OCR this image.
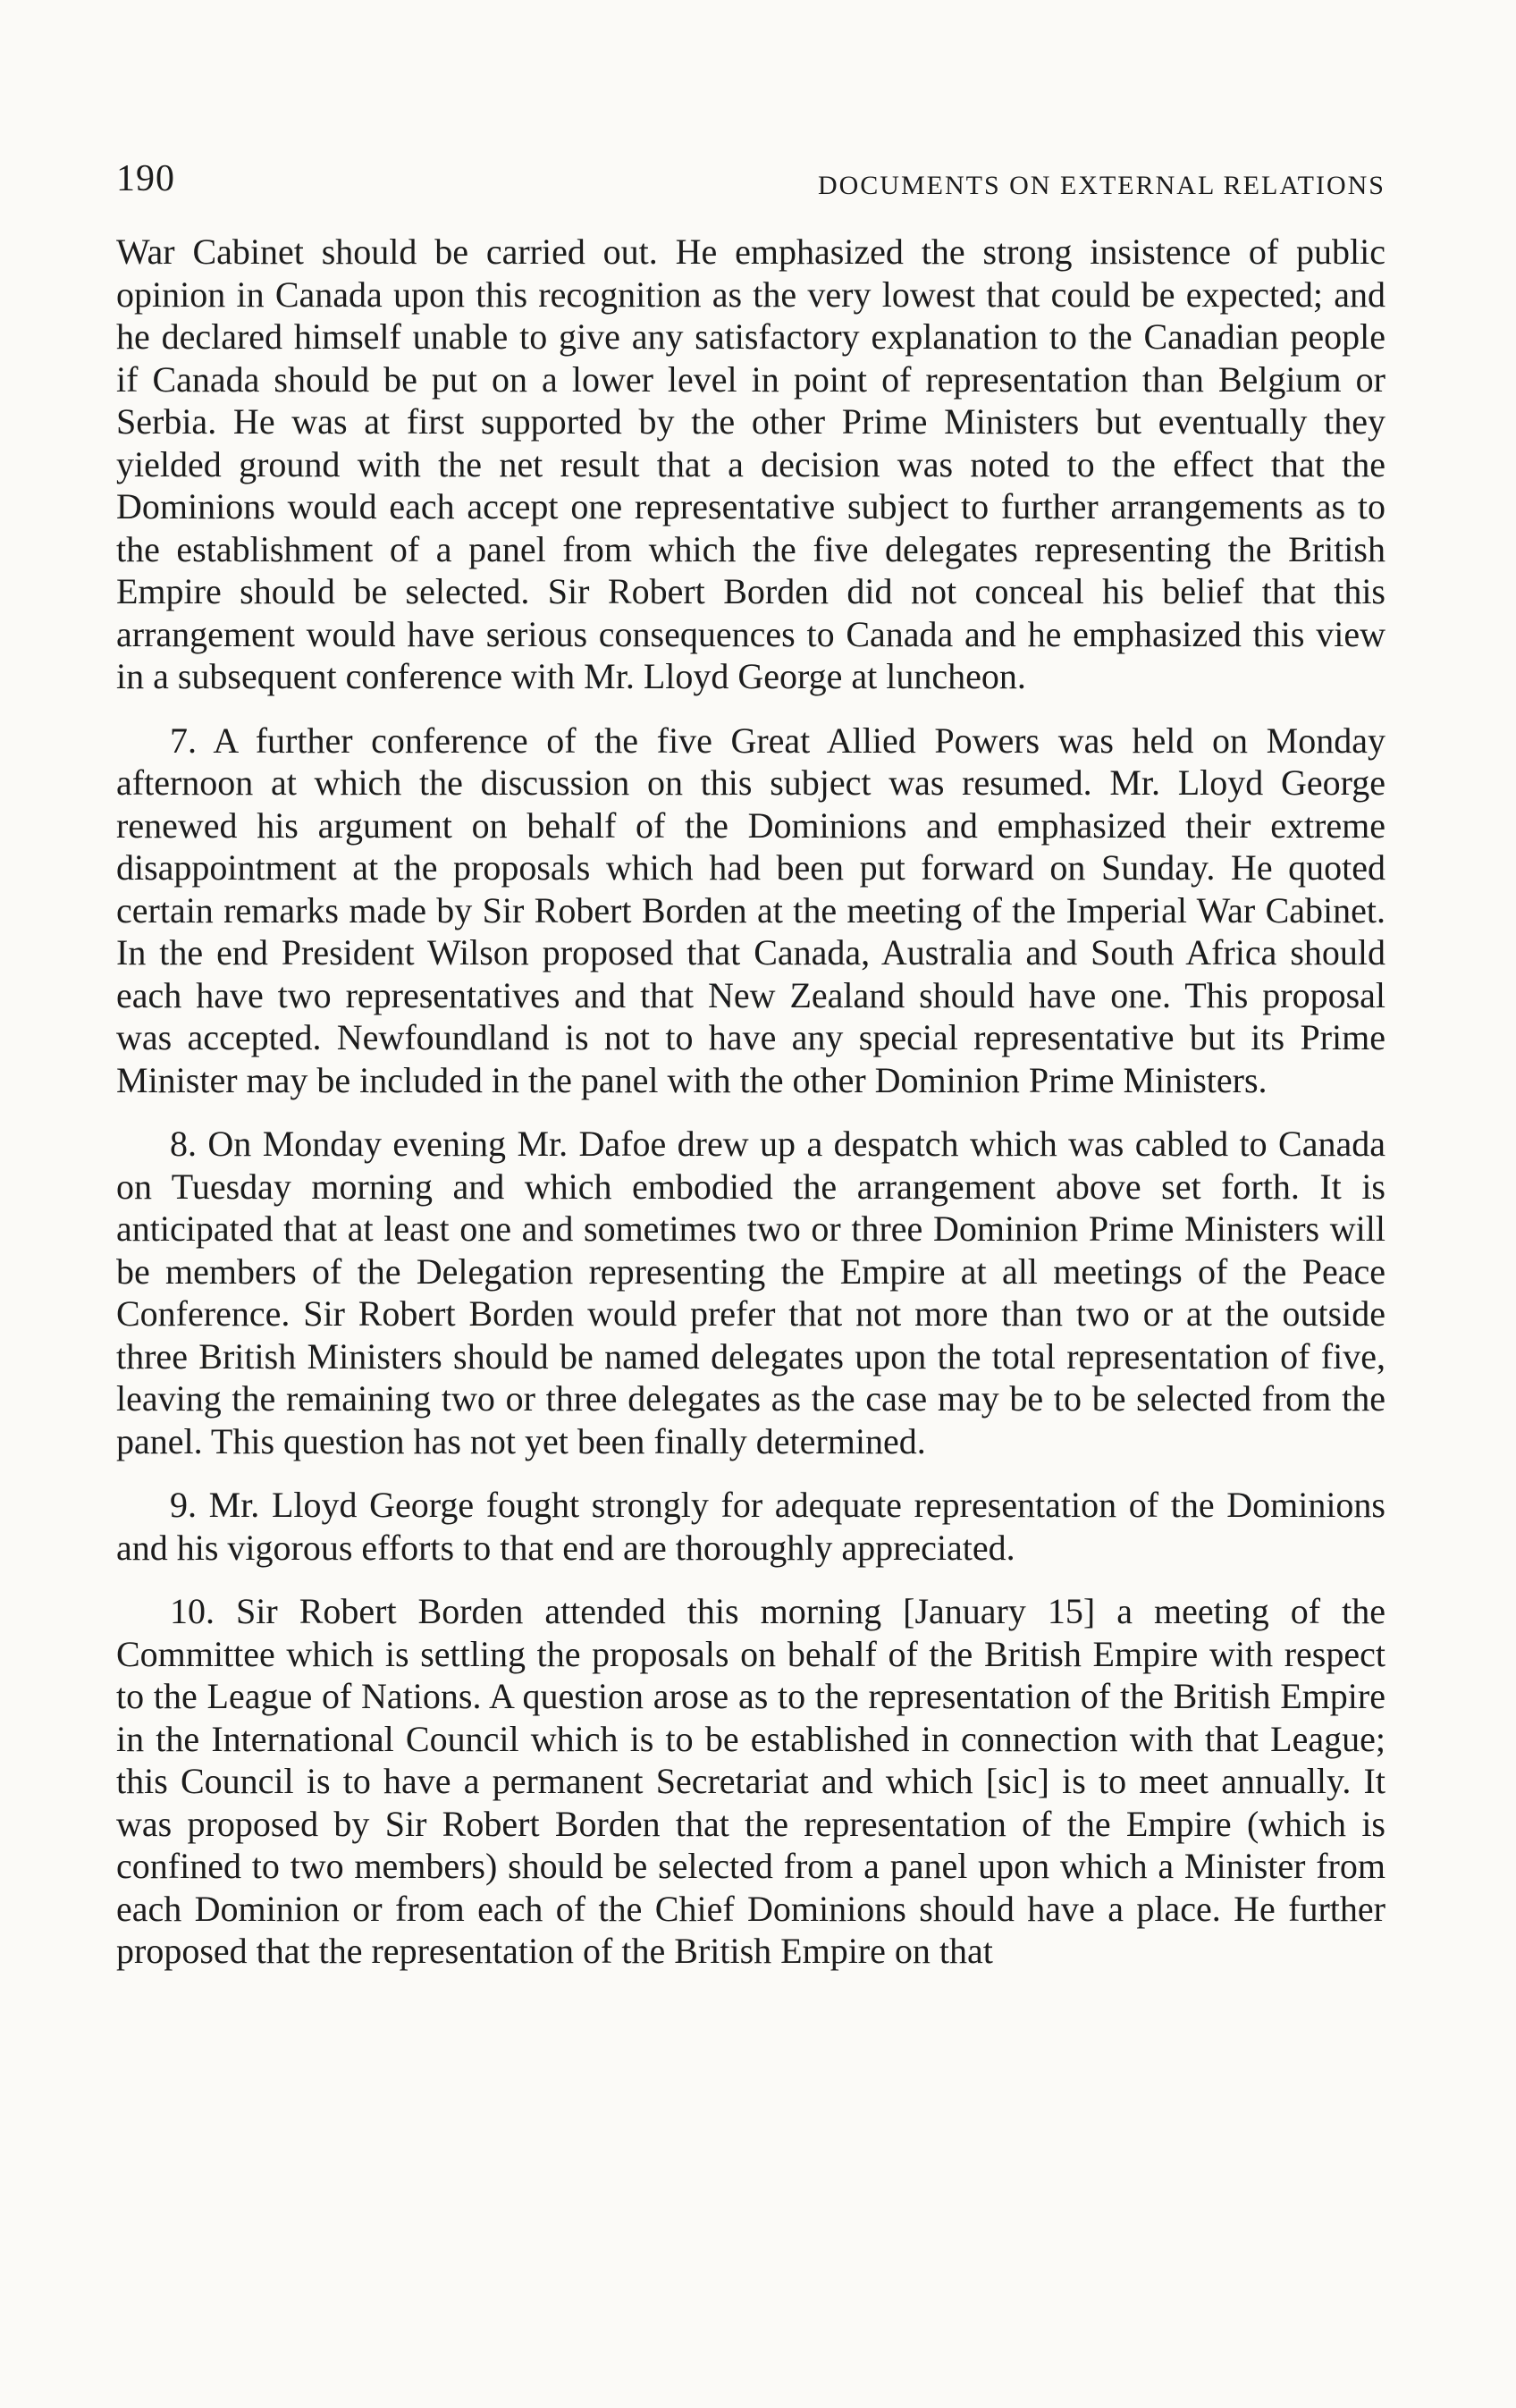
190	DOCUMENTS ON EXTERNAL RELATIONS

War Cabinet should be carried out. He emphasized the strong insistence of public opinion in Canada upon this recognition as the very lowest that could be expected; and he declared himself unable to give any satisfactory explanation to the Canadian people if Canada should be put on a lower level in point of representation than Belgium or Serbia. He was at first supported by the other Prime Ministers but eventually they yielded ground with the net result that a decision was noted to the effect that the Dominions would each accept one representative subject to further arrangements as to the establishment of a panel from which the five delegates representing the British Empire should be selected. Sir Robert Borden did not conceal his belief that this arrangement would have serious consequences to Canada and he emphasized this view in a subsequent conference with Mr. Lloyd George at luncheon.

7. A further conference of the five Great Allied Powers was held on Monday afternoon at which the discussion on this subject was resumed. Mr. Lloyd George renewed his argument on behalf of the Dominions and emphasized their extreme disappointment at the proposals which had been put forward on Sunday. He quoted certain remarks made by Sir Robert Borden at the meeting of the Imperial War Cabinet. In the end President Wilson proposed that Canada, Australia and South Africa should each have two representatives and that New Zealand should have one. This proposal was accepted. Newfoundland is not to have any special representative but its Prime Minister may be included in the panel with the other Dominion Prime Ministers.

8. On Monday evening Mr. Dafoe drew up a despatch which was cabled to Canada on Tuesday morning and which embodied the arrangement above set forth. It is anticipated that at least one and sometimes two or three Dominion Prime Ministers will be members of the Delegation representing the Empire at all meetings of the Peace Conference. Sir Robert Borden would prefer that not more than two or at the outside three British Ministers should be named delegates upon the total representation of five, leaving the remaining two or three delegates as the case may be to be selected from the panel. This question has not yet been finally determined.

9. Mr. Lloyd George fought strongly for adequate representation of the Dominions and his vigorous efforts to that end are thoroughly appreciated.

10. Sir Robert Borden attended this morning [January 15] a meeting of the Committee which is settling the proposals on behalf of the British Empire with respect to the League of Nations. A question arose as to the representation of the British Empire in the International Council which is to be established in connection with that League; this Council is to have a permanent Secretariat and which [sic] is to meet annually. It was proposed by Sir Robert Borden that the representation of the Empire (which is confined to two members) should be selected from a panel upon which a Minister from each Dominion or from each of the Chief Dominions should have a place. He further proposed that the representation of the British Empire on that
